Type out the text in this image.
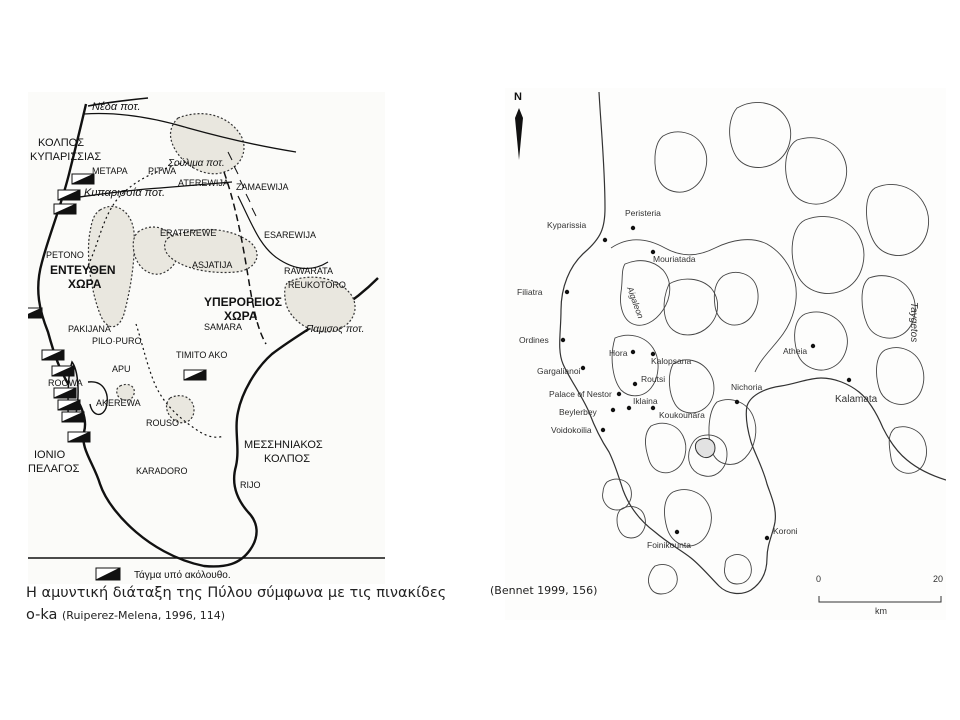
Νέδα ποτ.
Κυπαρισσία ποτ.
Σούλιμα ποτ.
Παμισος ποτ.
ΚΟΛΠΟΣ
ΚΥΠΑΡΙΣΣΙΑΣ
ΕΝΤΕΥΘΕΝ
ΧΩΡΑ
ΥΠΕΡΟΡΕΙΟΣ
ΧΩΡΑ
ΙΟΝΙΟ
ΠΕΛΑΓΟΣ
ΜΕΣΣΗΝΙΑΚΟΣ
ΚΟΛΠΟΣ
METAPA PITWA
ATEREWIJA ZAMAEWIJA
ERATEREWE	ESAREWIJA
PETONO
ASJATIJA
RAWARATA
REUKOTORO
SAMARA
PAKIJANA
PILO·PURO
TIMITO AKO
APU
ROOWA
AKEREWA
ROUSO
KARADORO
RIJO
Τάγμα υπό ακόλουθο.
N
Kyparissia
Peristeria
Mouriatada
Filiatra
Ordines
Hora
Kalopsana
Gargalianoi
Routsi
Palace of Nestor
Iklaina
Beylerbey	Koukounara
Voidokoilia
Nichoria
Atheia
Kalamata
Koroni
Foinikounta
Aigaleon	Taygetos
0	20
km
Η αμυντική διάταξη της Πύλου σύμφωνα με τις πινακίδες
o-ka (Ruiperez-Melena, 1996, 114)
(Bennet 1999, 156)
